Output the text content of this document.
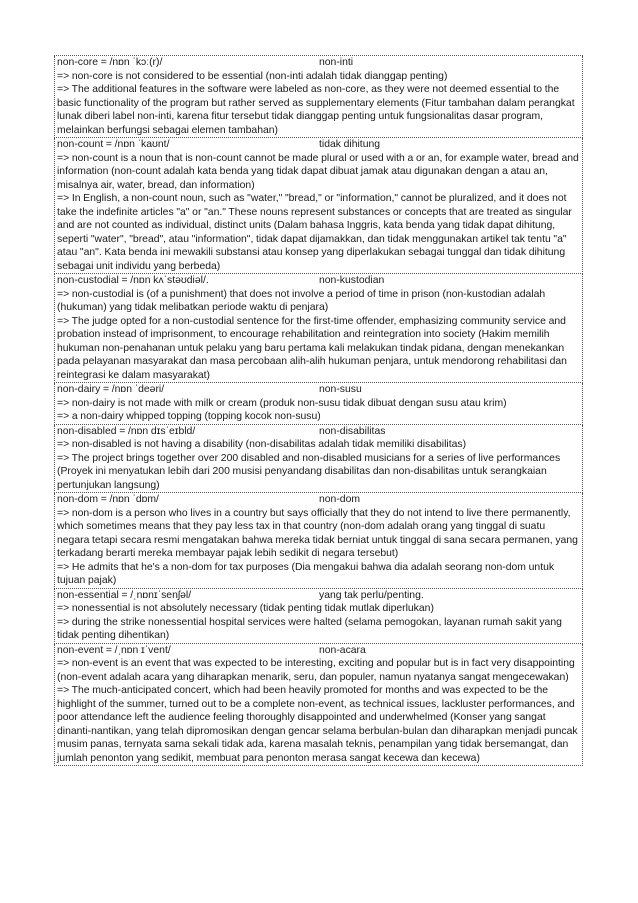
non-core = /nɒn ˈkɔː(r)/	non-inti
=> non-core is not considered to be essential (non-inti adalah tidak dianggap penting)
=> The additional features in the software were labeled as non-core, as they were not deemed essential to the basic functionality of the program but rather served as supplementary elements (Fitur tambahan dalam perangkat lunak diberi label non-inti, karena fitur tersebut tidak dianggap penting untuk fungsionalitas dasar program, melainkan berfungsi sebagai elemen tambahan)
non-count = /nɒn ˈkaʊnt/	tidak dihitung
=> non-count is a noun that is non-count cannot be made plural or used with a or an, for example water, bread and information (non-count adalah kata benda yang tidak dapat dibuat jamak atau digunakan dengan a atau an, misalnya air, water, bread, dan information)
=> In English, a non-count noun, such as "water," "bread," or "information," cannot be pluralized, and it does not take the indefinite articles "a" or "an." These nouns represent substances or concepts that are treated as singular and are not counted as individual, distinct units (Dalam bahasa Inggris, kata benda yang tidak dapat dihitung, seperti "water", "bread", atau "information", tidak dapat dijamakkan, dan tidak menggunakan artikel tak tentu "a" atau "an". Kata benda ini mewakili substansi atau konsep yang diperlakukan sebagai tunggal dan tidak dihitung sebagai unit individu yang berbeda)
non-custodial = /nɒn kʌˈstəʊdiəl/.	non-kustodian
=> non-custodial is (of a punishment) that does not involve a period of time in prison (non-kustodian adalah (hukuman) yang tidak melibatkan periode waktu di penjara)
=> The judge opted for a non-custodial sentence for the first-time offender, emphasizing community service and probation instead of imprisonment, to encourage rehabilitation and reintegration into society (Hakim memilih hukuman non-penahanan untuk pelaku yang baru pertama kali melakukan tindak pidana, dengan menekankan pada pelayanan masyarakat dan masa percobaan alih-alih hukuman penjara, untuk mendorong rehabilitasi dan reintegrasi ke dalam masyarakat)
non-dairy = /nɒn ˈdeəri/	non-susu
=> non-dairy is not made with milk or cream (produk non-susu tidak dibuat dengan susu atau krim)
=> a non-dairy whipped topping (topping kocok non-susu)
non-disabled = /nɒn dɪsˈeɪbld/	non-disabilitas
=> non-disabled is not having a disability (non-disabilitas adalah tidak memiliki disabilitas)
=> The project brings together over 200 disabled and non-disabled musicians for a series of live performances (Proyek ini menyatukan lebih dari 200 musisi penyandang disabilitas dan non-disabilitas untuk serangkaian pertunjukan langsung)
non-dom = /nɒn ˈdɒm/	non-dom
=> non-dom is a person who lives in a country but says officially that they do not intend to live there permanently, which sometimes means that they pay less tax in that country (non-dom adalah orang yang tinggal di suatu negara tetapi secara resmi mengatakan bahwa mereka tidak berniat untuk tinggal di sana secara permanen, yang terkadang berarti mereka membayar pajak lebih sedikit di negara tersebut)
=> He admits that he's a non-dom for tax purposes (Dia mengakui bahwa dia adalah seorang non-dom untuk tujuan pajak)
non-essential = /ˌnɒnɪˈsenʃəl/	yang tak perlu/penting.
=> nonessential is not absolutely necessary (tidak penting tidak mutlak diperlukan)
=> during the strike nonessential hospital services were halted (selama pemogokan, layanan rumah sakit yang tidak penting dihentikan)
non-event = /ˌnɒn ɪˈvent/	non-acara
=> non-event is an event that was expected to be interesting, exciting and popular but is in fact very disappointing (non-event adalah acara yang diharapkan menarik, seru, dan populer, namun nyatanya sangat mengecewakan)
=> The much-anticipated concert, which had been heavily promoted for months and was expected to be the highlight of the summer, turned out to be a complete non-event, as technical issues, lackluster performances, and poor attendance left the audience feeling thoroughly disappointed and underwhelmed (Konser yang sangat dinanti-nantikan, yang telah dipromosikan dengan gencar selama berbulan-bulan dan diharapkan menjadi puncak musim panas, ternyata sama sekali tidak ada, karena masalah teknis, penampilan yang tidak bersemangat, dan jumlah penonton yang sedikit, membuat para penonton merasa sangat kecewa dan kecewa)
